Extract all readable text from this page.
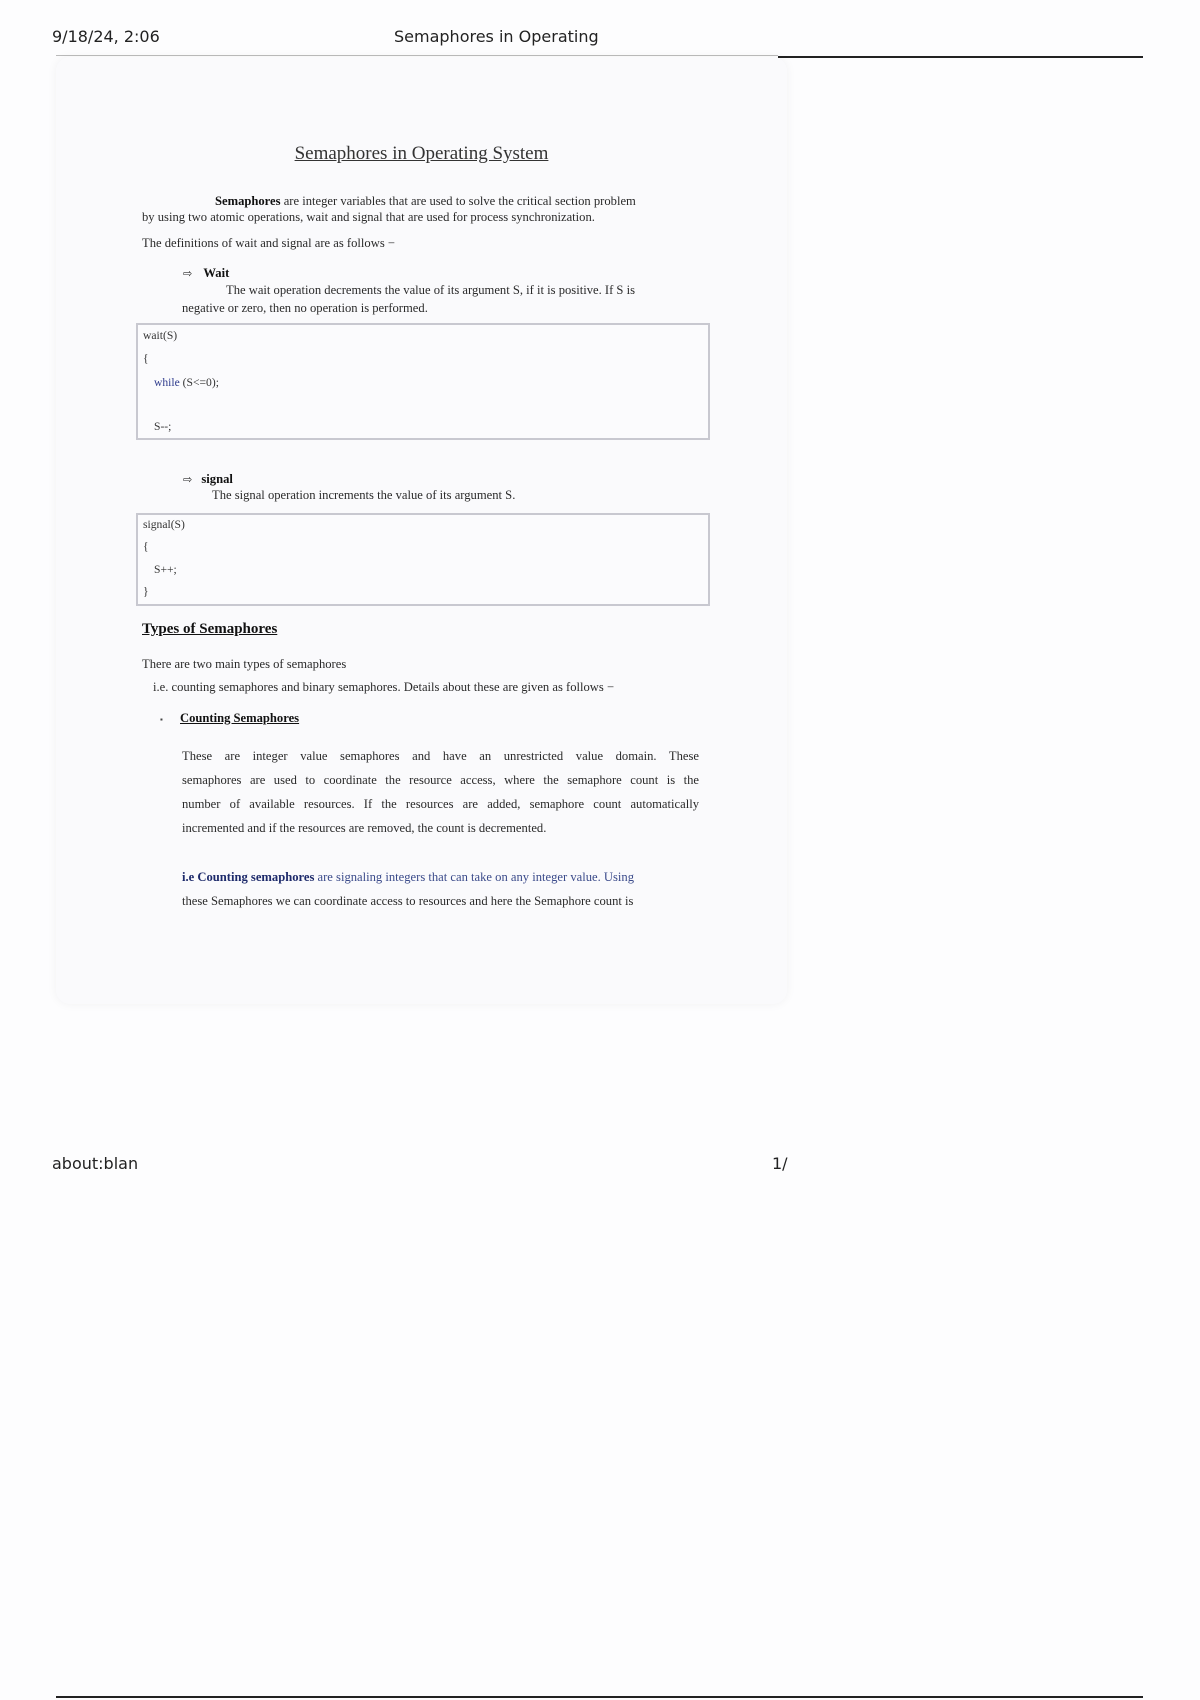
9/18/24, 2:06	Semaphores in Operating
Semaphores in Operating System
Semaphores are integer variables that are used to solve the critical section problem
by using two atomic operations, wait and signal that are used for process synchronization.
The definitions of wait and signal are as follows −
⇨ Wait
The wait operation decrements the value of its argument S, if it is positive. If S is
negative or zero, then no operation is performed.
wait(S)
{
while (S<=0);
S--;
⇨ signal
The signal operation increments the value of its argument S.
signal(S)
{
S++;
}
Types of Semaphores
There are two main types of semaphores
i.e. counting semaphores and binary semaphores. Details about these are given as follows −
▪ Counting Semaphores
These are integer value semaphores and have an unrestricted value domain. These
semaphores are used to coordinate the resource access, where the semaphore count is the
number of available resources. If the resources are added, semaphore count automatically
incremented and if the resources are removed, the count is decremented.
i.e Counting semaphores are signaling integers that can take on any integer value. Using
these Semaphores we can coordinate access to resources and here the Semaphore count is
about:blan	1/
